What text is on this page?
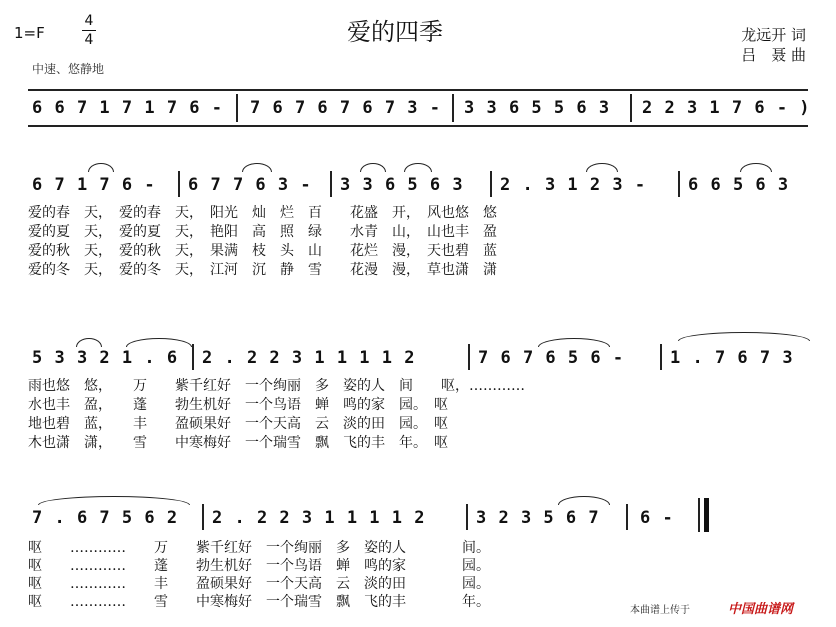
1=F
4
4
中速、悠静地
爱的四季	龙远开 词
吕　聂 曲
6 6 7 1 7 1 7 6 -	7 6 7 6 7 6 7 3 -	3 3 6 5 5 6 3	2 2 3 1 7 6 - )
6 7 1 7 6 -	6 7 7 6 3 -	3 3 6 5 6 3	2 . 3 1 2 3 -	6 6 5 6 3
爱的春　天，　爱的春　天，　阳光　灿　烂　百　　花盛　开，　风也悠　悠
爱的夏　天，　爱的夏　天，　艳阳　高　照　绿　　水青　山，　山也丰　盈
爱的秋　天，　爱的秋　天，　果满　枝　头　山　　花烂　漫，　天也碧　蓝
爱的冬　天，　爱的冬　天，　江河　沉　静　雪　　花漫　漫，　草也潇　潇
5 3 3 2 1 . 6	2 . 2 2 3 1 1 1 1 2	7 6 7 6 5 6 -	1 . 7 6 7 3
雨也悠　悠，　　万　　紫千红好　一个绚丽　多　姿的人　间　　呕，…………
水也丰　盈，　　蓬　　勃生机好　一个鸟语　蝉　鸣的家　园。　呕
地也碧　蓝，　　丰　　盈硕果好　一个天高　云　淡的田　园。　呕
木也潇　潇，　　雪　　中寒梅好　一个瑞雪　飘　飞的丰　年。　呕
7 . 6 7 5 6 2	2 . 2 2 3 1 1 1 1 2	3 2 3 5 6 7	6 -
呕　　…………　　万　　紫千红好　一个绚丽　多　姿的人　　　　间。
呕　　…………　　蓬　　勃生机好　一个鸟语　蝉　鸣的家　　　　园。
呕　　…………　　丰　　盈硕果好　一个天高　云　淡的田　　　　园。
呕　　…………　　雪　　中寒梅好　一个瑞雪　飘　飞的丰　　　　年。
本曲谱上传于	中国曲谱网
